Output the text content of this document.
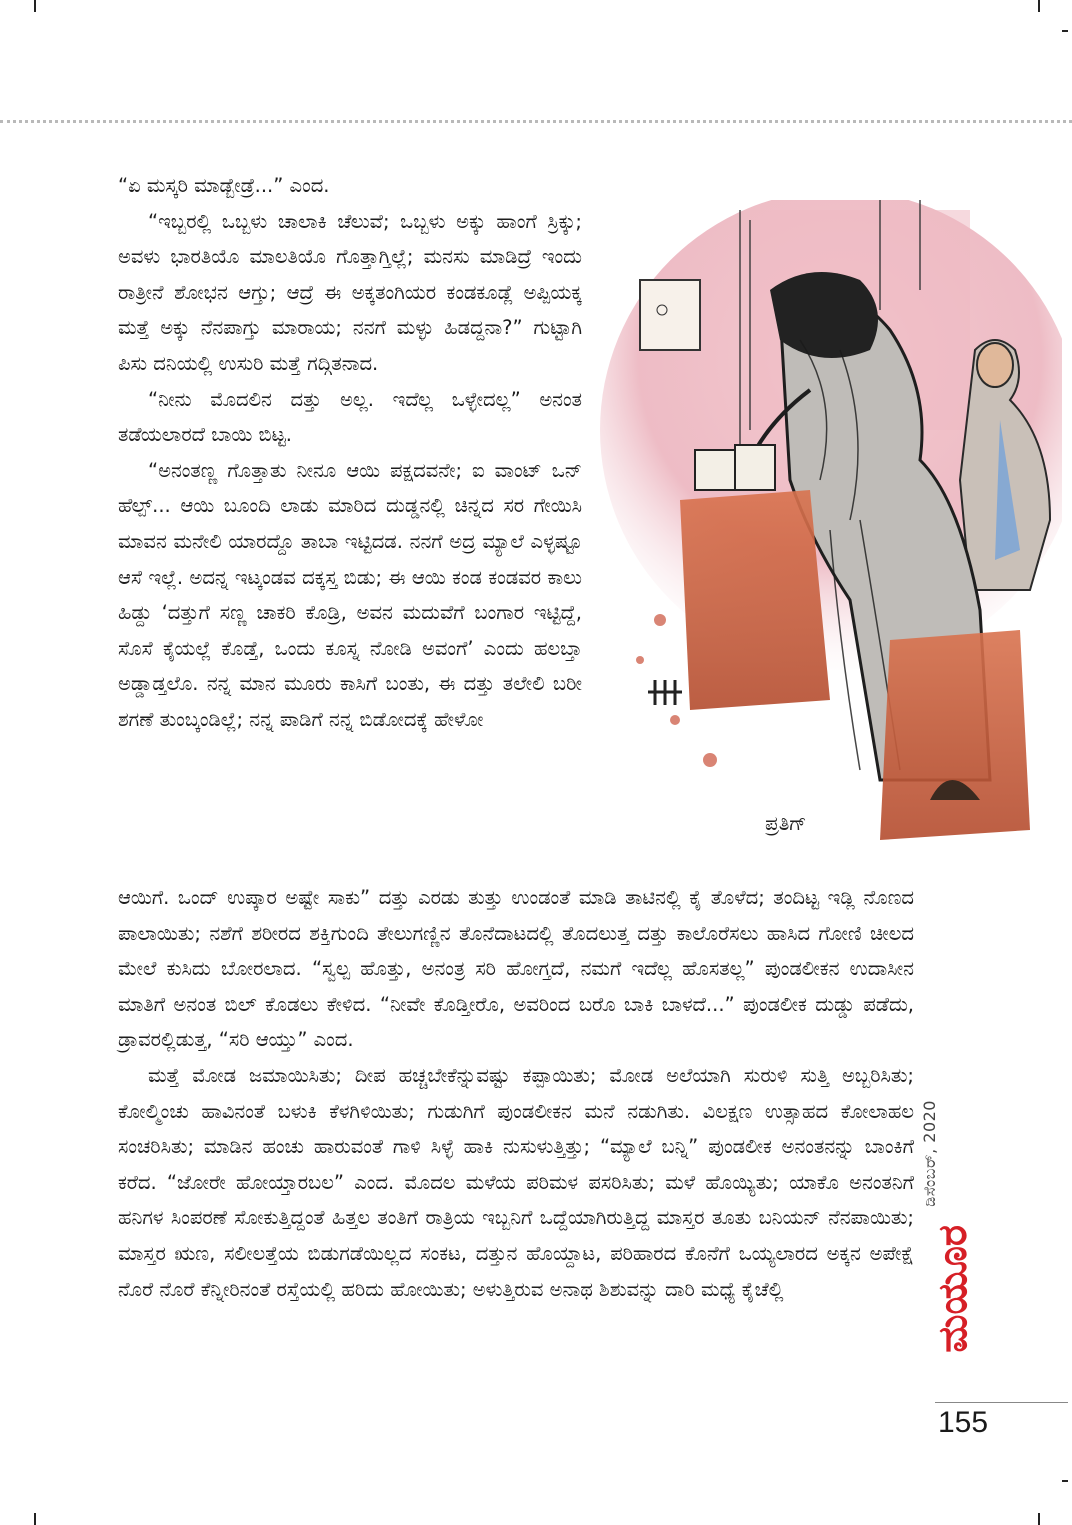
“ಏ ಮಸ್ಕರಿ ಮಾಡ್ಬೇಡ್ರೆ...” ಎಂದ.

“ಇಬ್ಬರಲ್ಲಿ ಒಬ್ಬಳು ಚಾಲಾಕಿ ಚೆಲುವೆ; ಒಬ್ಬಳು ಅಕ್ಕು ಹಾಂಗೆ ಸ್ರಿಕ್ಕು; ಅವಳು ಭಾರತಿಯೊ ಮಾಲತಿಯೊ ಗೊತ್ತಾಗ್ತಿಲ್ಲೆ; ಮನಸು ಮಾಡಿದ್ರೆ ಇಂದು ರಾತ್ರೀನೆ ಶೋಭನ ಆಗ್ತು; ಆದ್ರೆ ಈ ಅಕ್ಕತಂಗಿಯರ ಕಂಡಕೂಡ್ಲೆ ಅಪ್ಪಿಯಕ್ಕ ಮತ್ತೆ ಅಕ್ಕು ನೆನಪಾಗ್ತು ಮಾರಾಯ; ನನಗೆ ಮಳ್ಳು ಹಿಡದ್ದನಾ?” ಗುಟ್ಟಾಗಿ ಪಿಸು ದನಿಯಲ್ಲಿ ಉಸುರಿ ಮತ್ತೆ ಗದ್ಗಿತನಾದ.

“ನೀನು ಮೊದಲಿನ ದತ್ತು ಅಲ್ಲ. ಇದೆಲ್ಲ ಒಳ್ಳೇದಲ್ಲ” ಅನಂತ ತಡೆಯಲಾರದೆ ಬಾಯಿ ಬಿಟ್ಟ.

“ಅನಂತಣ್ಣ ಗೊತ್ತಾತು ನೀನೂ ಆಯಿ ಪಕ್ಷದವನೇ; ಐ ವಾಂಟ್ ಒನ್ ಹೆಲ್ಪ್... ಆಯಿ ಬೂಂದಿ ಲಾಡು ಮಾರಿದ ದುಡ್ಡನಲ್ಲಿ ಚಿನ್ನದ ಸರ ಗೇಯಿಸಿ ಮಾವನ ಮನೇಲಿ ಯಾರದ್ದೊ ತಾಬಾ ಇಟ್ಟಿದಡ. ನನಗೆ ಅದ್ರ ಮ್ಯಾಲೆ ಎಳ್ಳಷ್ಟೂ ಆಸೆ ಇಲ್ಲೆ. ಅದನ್ನ ಇಟ್ಕಂಡವ ದಕ್ಕಸ್ತ ಬಿಡು; ಈ ಆಯಿ ಕಂಡ ಕಂಡವರ ಕಾಲು ಹಿಡ್ದು ‘ದತ್ತುಗೆ ಸಣ್ಣ ಚಾಕರಿ ಕೊಡ್ರಿ, ಅವನ ಮದುವೆಗೆ ಬಂಗಾರ ಇಟ್ಟಿದ್ದೆ, ಸೊಸೆ ಕೈಯಲ್ಲೆ ಕೊಡ್ತೆ, ಒಂದು ಕೂಸ್ನ ನೋಡಿ ಅವಂಗೆ’ ಎಂದು ಹಲಬ್ತಾ ಅಡ್ಡಾಡ್ತಲೊ. ನನ್ನ ಮಾನ ಮೂರು ಕಾಸಿಗೆ ಬಂತು, ಈ ದತ್ತು ತಲೇಲಿ ಬರೀ ಶಗಣೆ ತುಂಬ್ಕಂಡಿಲ್ಲೆ; ನನ್ನ ಪಾಡಿಗೆ ನನ್ನ ಬಿಡೋದಕ್ಕೆ ಹೇಳೋ

ಪ್ರತಿಗ್

ಆಯಿಗೆ. ಒಂದ್ ಉಪ್ಕಾರ ಅಷ್ಟೇ ಸಾಕು” ದತ್ತು ಎರಡು ತುತ್ತು ಉಂಡಂತೆ ಮಾಡಿ ತಾಟಿನಲ್ಲಿ ಕೈ ತೊಳೆದ; ತಂದಿಟ್ಟ ಇಡ್ಲಿ ನೊಣದ ಪಾಲಾಯಿತು; ನಶೆಗೆ ಶರೀರದ ಶಕ್ತಿಗುಂದಿ ತೇಲುಗಣ್ಣಿನ ತೊನೆದಾಟದಲ್ಲಿ ತೊದಲುತ್ತ ದತ್ತು ಕಾಲೊರೆಸಲು ಹಾಸಿದ ಗೋಣಿ ಚೀಲದ ಮೇಲೆ ಕುಸಿದು ಬೋರಲಾದ. “ಸ್ವಲ್ಪ ಹೊತ್ತು, ಅನಂತ್ರ ಸರಿ ಹೋಗ್ತದೆ, ನಮಗೆ ಇದೆಲ್ಲ ಹೊಸತಲ್ಲ” ಪುಂಡಲೀಕನ ಉದಾಸೀನ ಮಾತಿಗೆ ಅನಂತ ಬಿಲ್ ಕೊಡಲು ಕೇಳಿದ. “ನೀವೇ ಕೊಡ್ತೀರೊ, ಅವರಿಂದ ಬರೊ ಬಾಕಿ ಬಾಳದೆ...” ಪುಂಡಲೀಕ ದುಡ್ಡು ಪಡೆದು, ಡ್ರಾವರಲ್ಲಿಡುತ್ತ, “ಸರಿ ಆಯ್ತು” ಎಂದ.

ಮತ್ತೆ ಮೋಡ ಜಮಾಯಿಸಿತು; ದೀಪ ಹಚ್ಚಬೇಕೆನ್ನುವಷ್ಟು ಕಪ್ಪಾಯಿತು; ಮೋಡ ಅಲೆಯಾಗಿ ಸುರುಳಿ ಸುತ್ತಿ ಅಬ್ಬರಿಸಿತು; ಕೋಲ್ಮಿಂಚು ಹಾವಿನಂತೆ ಬಳುಕಿ ಕೆಳಗಿಳಿಯಿತು; ಗುಡುಗಿಗೆ ಪುಂಡಲೀಕನ ಮನೆ ನಡುಗಿತು. ವಿಲಕ್ಷಣ ಉತ್ಸಾಹದ ಕೋಲಾಹಲ ಸಂಚರಿಸಿತು; ಮಾಡಿನ ಹಂಚು ಹಾರುವಂತೆ ಗಾಳಿ ಸಿಳ್ಳೆ ಹಾಕಿ ನುಸುಳುತ್ತಿತ್ತು; “ಮ್ಯಾಲೆ ಬನ್ನಿ” ಪುಂಡಲೀಕ ಅನಂತನನ್ನು ಬಾಂಕಿಗೆ ಕರೆದ. “ಜೋರೇ ಹೋಯ್ತಾರಬಲ” ಎಂದ. ಮೊದಲ ಮಳೆಯ ಪರಿಮಳ ಪಸರಿಸಿತು; ಮಳೆ ಹೊಯ್ಯಿತು; ಯಾಕೊ ಅನಂತನಿಗೆ ಹನಿಗಳ ಸಿಂಪರಣೆ ಸೋಕುತ್ತಿದ್ದಂತೆ ಹಿತ್ತಲ ತಂತಿಗೆ ರಾತ್ರಿಯ ಇಬ್ಬನಿಗೆ ಒದ್ದೆಯಾಗಿರುತ್ತಿದ್ದ ಮಾಸ್ತರ ತೂತು ಬನಿಯನ್ ನೆನಪಾಯಿತು; ಮಾಸ್ತರ ಋಣ, ಸಲೀಲತ್ತೆಯ ಬಿಡುಗಡೆಯಿಲ್ಲದ ಸಂಕಟ, ದತ್ತುನ ಹೊಯ್ದಾಟ, ಪರಿಹಾರದ ಕೊನೆಗೆ ಒಯ್ಯಲಾರದ ಅಕ್ಕನ ಅಪೇಕ್ಷೆ ನೊರೆ ನೊರೆ ಕೆನ್ನೀರಿನಂತೆ ರಸ್ತೆಯಲ್ಲಿ ಹರಿದು ಹೋಯಿತು; ಅಳುತ್ತಿರುವ ಅನಾಥ ಶಿಶುವನ್ನು ದಾರಿ ಮಧ್ಯೆ ಕೈಚೆಲ್ಲಿ

ಡಿಸೆಂಬರ್, 2020
ಮಯೂರ
155
